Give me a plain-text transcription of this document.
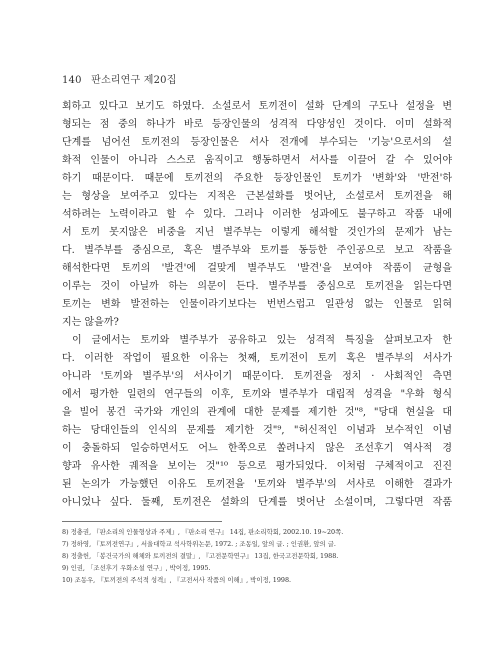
140 판소리연구 제20집
회하고 있다고 보기도 하였다. 소설로서 토끼전이 설화 단계의 구도나 설정을 변
형되는 점 중의 하나가 바로 등장인물의 성격적 다양성인 것이다. 이미 설화적
단계를 넘어선 토끼전의 등장인물은 서사 전개에 부수되는 '기능'으로서의 설
화적 인물이 아니라 스스로 움직이고 행동하면서 서사를 이끌어 갈 수 있어야
하기 때문이다. 때문에 토끼전의 주요한 등장인물인 토끼가 '변화'와 '반전'하
는 형상을 보여주고 있다는 지적은 근본설화를 벗어난, 소설로서 토끼전을 해
석하려는 노력이라고 할 수 있다. 그러나 이러한 성과에도 불구하고 작품 내에
서 토끼 못지않은 비중을 지닌 별주부는 이렇게 해석할 것인가의 문제가 남는
다. 별주부를 중심으로, 혹은 별주부와 토끼를 동등한 주인공으로 보고 작품을
해석한다면 토끼의 '발견'에 걸맞게 별주부도 '발견'을 보여야 작품이 균형을
이루는 것이 아닐까 하는 의문이 든다. 별주부를 중심으로 토끼전을 읽는다면
토끼는 변화 발전하는 인물이라기보다는 번번스럽고 일관성 없는 인물로 읽혀
지는 않을까?
이 글에서는 토끼와 별주부가 공유하고 있는 성격적 특징을 살펴보고자 한
다. 이러한 작업이 필요한 이유는 첫째, 토끼전이 토끼 혹은 별주부의 서사가
아니라 '토끼와 별주부'의 서사이기 때문이다. 토끼전을 정치 · 사회적인 측면
에서 평가한 일련의 연구들의 이후, 토끼와 별주부가 대립적 성격을 "우화 형식
을 빌어 봉건 국가와 개인의 관계에 대한 문제를 제기한 것"⁸, "당대 현실을 대
하는 당대인들의 인식의 문제를 제기한 것"⁹, "허신적인 이념과 보수적인 이념
이 충돌하되 일승하면서도 어느 한쪽으로 쏠려나지 않은 조선후기 역사적 경
향과 유사한 궤적을 보이는 것"¹⁰ 등으로 평가되었다. 이처럼 구체적이고 진진
된 논의가 가능했던 이유도 토끼전을 '토끼와 별주부'의 서사로 이해한 결과가
아니었나 싶다. 둘째, 토끼전은 설화의 단계를 벗어난 소설이며, 그렇다면 작품
8) 정충권, 『판소리의 인물형상과 주제』, 『판소리 연구』 14집, 판소리학회, 2002.10. 19~20쪽.
7) 정하영, 『토끼전연구』, 서울대학교 석사학위논문, 1972. ; 조동일, 앞의 글. ; 인권환, 앞의 글.
8) 정출헌, 「봉건국가의 해체와 토끼전의 결말」, 『고전문학연구』 13집, 한국고전문학회, 1988.
9) 인권, 「조선후기 우화소설 연구」, 박이정, 1995.
10) 조동우, 『토끼전의 주석적 성격』, 『고전서사 작품의 이해』, 박이정, 1998.
